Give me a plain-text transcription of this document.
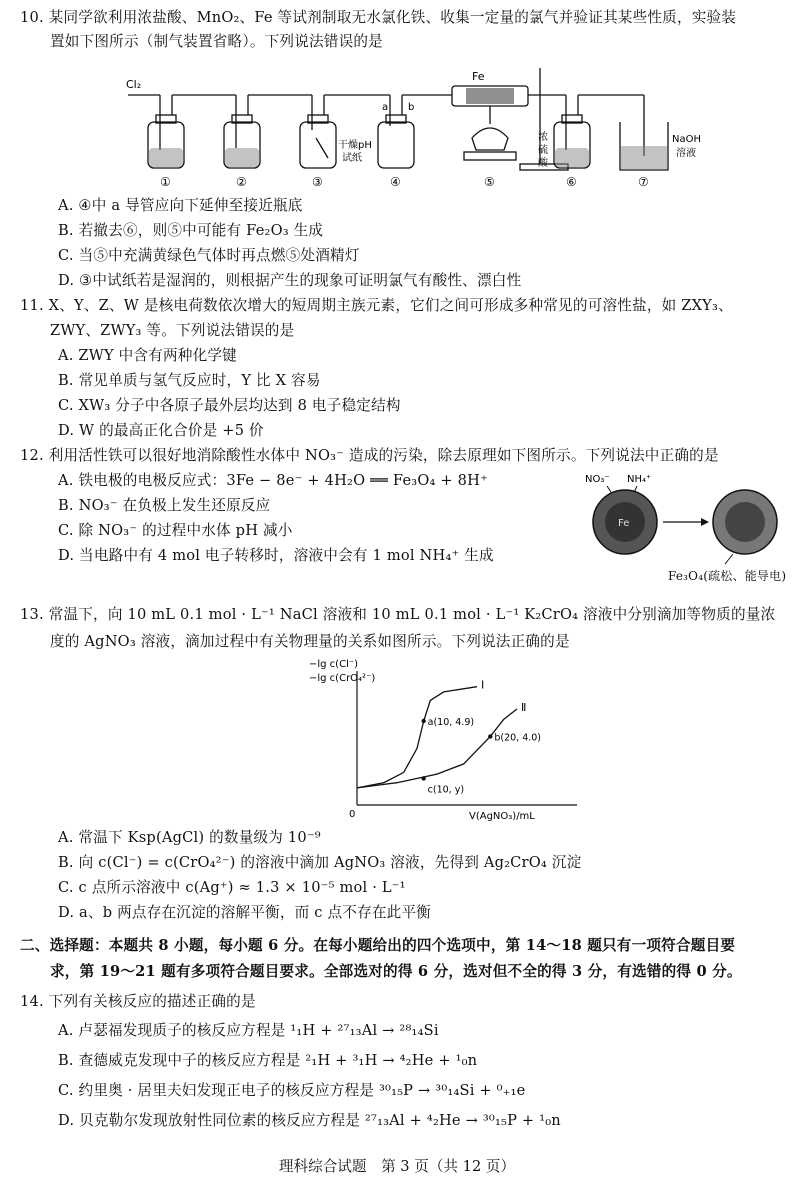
10. 某同学欲利用浓盐酸、MnO₂、Fe 等试剂制取无水氯化铁、收集一定量的氯气并验证其某些性质，实验装
置如下图所示（制气装置省略）。下列说法错误的是
Cl₂
Fe
a b
干燥pH
试纸
浓
硫
酸
NaOH
溶液
①	②	③	④	⑤	⑥	⑦
A. ④中 a 导管应向下延伸至接近瓶底
B. 若撤去⑥，则⑤中可能有 Fe₂O₃ 生成
C. 当⑤中充满黄绿色气体时再点燃⑤处酒精灯
D. ③中试纸若是湿润的，则根据产生的现象可证明氯气有酸性、漂白性
11. X、Y、Z、W 是核电荷数依次增大的短周期主族元素，它们之间可形成多种常见的可溶性盐，如 ZXY₃、
ZWY、ZWY₃ 等。下列说法错误的是
A. ZWY 中含有两种化学键
B. 常见单质与氢气反应时，Y 比 X 容易
C. XW₃ 分子中各原子最外层均达到 8 电子稳定结构
D. W 的最高正化合价是 +5 价
12. 利用活性铁可以很好地消除酸性水体中 NO₃⁻ 造成的污染，除去原理如下图所示。下列说法中正确的是
A. 铁电极的电极反应式：3Fe − 8e⁻ + 4H₂O ══ Fe₃O₄ + 8H⁺
B. NO₃⁻ 在负极上发生还原反应
C. 除 NO₃⁻ 的过程中水体 pH 减小
D. 当电路中有 4 mol 电子转移时，溶液中会有 1 mol NH₄⁺ 生成
NO₃⁻ NH₄⁺
Fe
Fe₃O₄(疏松、能导电)
13. 常温下，向 10 mL 0.1 mol · L⁻¹ NaCl 溶液和 10 mL 0.1 mol · L⁻¹ K₂CrO₄ 溶液中分别滴加等物质的量浓
度的 AgNO₃ 溶液，滴加过程中有关物理量的关系如图所示。下列说法正确的是
−lg c(Cl⁻)
−lg c(CrO₄²⁻)
V(AgNO₃)/mL
0
I
Ⅱ
a(10, 4.9)
b(20, 4.0)
c(10, y)
A. 常温下 Ksp(AgCl) 的数量级为 10⁻⁹
B. 向 c(Cl⁻) = c(CrO₄²⁻) 的溶液中滴加 AgNO₃ 溶液，先得到 Ag₂CrO₄ 沉淀
C. c 点所示溶液中 c(Ag⁺) ≈ 1.3 × 10⁻⁵ mol · L⁻¹
D. a、b 两点存在沉淀的溶解平衡，而 c 点不存在此平衡
二、选择题：本题共 8 小题，每小题 6 分。在每小题给出的四个选项中，第 14～18 题只有一项符合题目要
求，第 19～21 题有多项符合题目要求。全部选对的得 6 分，选对但不全的得 3 分，有选错的得 0 分。
14. 下列有关核反应的描述正确的是
A. 卢瑟福发现质子的核反应方程是 ¹₁H + ²⁷₁₃Al → ²⁸₁₄Si
B. 查德威克发现中子的核反应方程是 ²₁H + ³₁H → ⁴₂He + ¹₀n
C. 约里奥 · 居里夫妇发现正电子的核反应方程是 ³⁰₁₅P → ³⁰₁₄Si + ⁰₊₁e
D. 贝克勒尔发现放射性同位素的核反应方程是 ²⁷₁₃Al + ⁴₂He → ³⁰₁₅P + ¹₀n
理科综合试题　第 3 页（共 12 页）
